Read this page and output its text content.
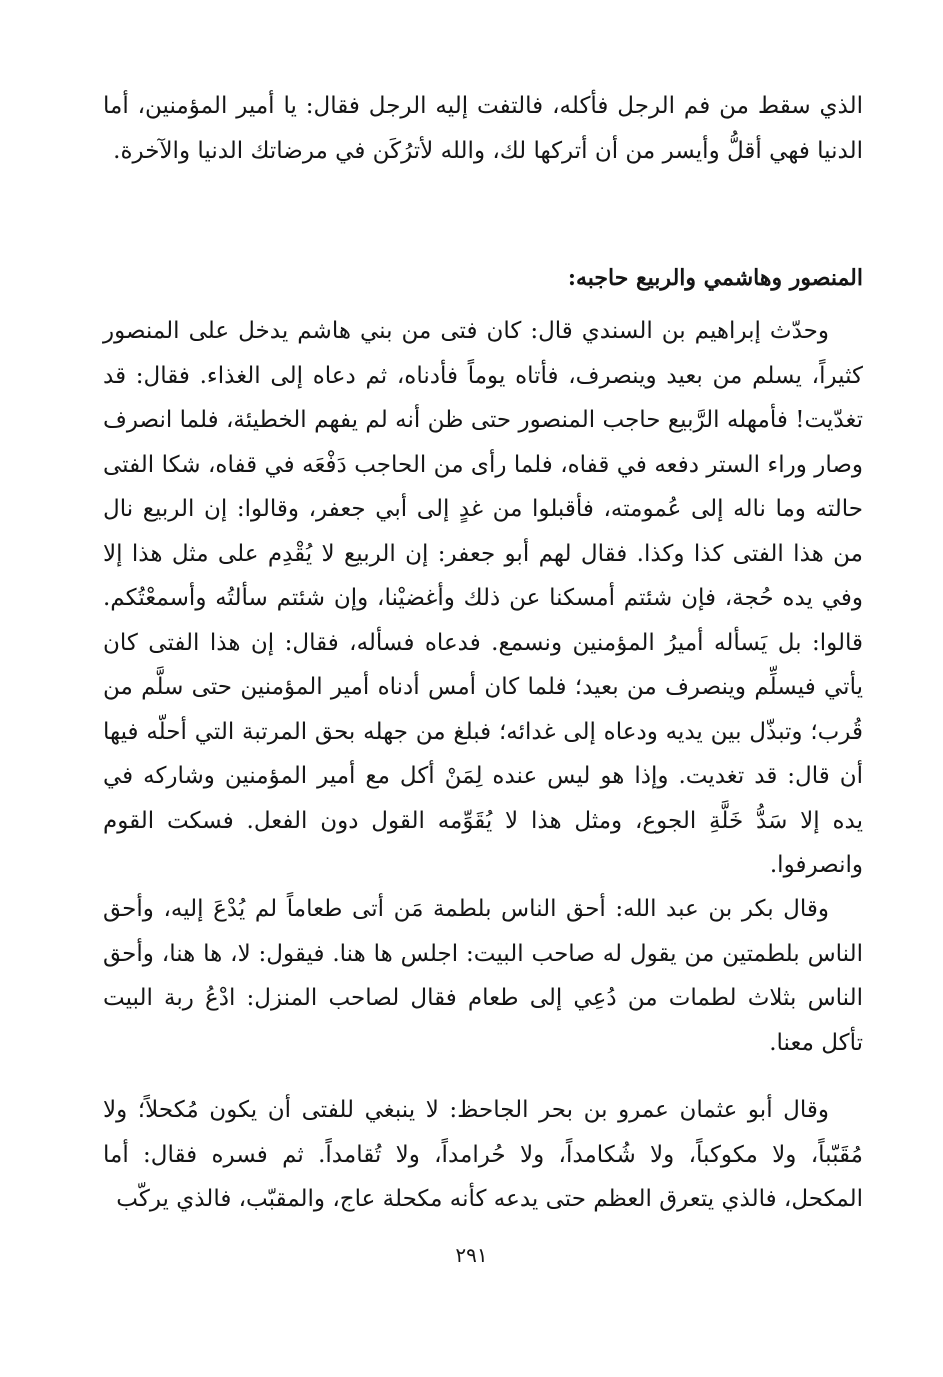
الذي سقط من فم الرجل فأكله، فالتفت إليه الرجل فقال: يا أمير المؤمنين، أما الدنيا فهي أقلُّ وأيسر من أن أتركها لك، والله لأترُكَن في مرضاتك الدنيا والآخرة.

المنصور وهاشمي والربيع حاجبه:

وحدّث إبراهيم بن السندي قال: كان فتى من بني هاشم يدخل على المنصور كثيراً، يسلم من بعيد وينصرف، فأتاه يوماً فأدناه، ثم دعاه إلى الغذاء. فقال: قد تغدّيت! فأمهله الرَّبيع حاجب المنصور حتى ظن أنه لم يفهم الخطيئة، فلما انصرف وصار وراء الستر دفعه في قفاه، فلما رأى من الحاجب دَفْعَه في قفاه، شكا الفتى حالته وما ناله إلى عُمومته، فأقبلوا من غدٍ إلى أبي جعفر، وقالوا: إن الربيع نال من هذا الفتى كذا وكذا. فقال لهم أبو جعفر: إن الربيع لا يُقْدِم على مثل هذا إلا وفي يده حُجة، فإن شئتم أمسكنا عن ذلك وأغضيْنا، وإن شئتم سألتُه وأسمعْتُكم. قالوا: بل يَسأله أميرُ المؤمنين ونسمع. فدعاه فسأله، فقال: إن هذا الفتى كان يأتي فيسلِّم وينصرف من بعيد؛ فلما كان أمس أدناه أمير المؤمنين حتى سلَّم من قُرب؛ وتبذّل بين يديه ودعاه إلى غدائه؛ فبلغ من جهله بحق المرتبة التي أحلّه فيها أن قال: قد تغديت. وإذا هو ليس عنده لِمَنْ أكل مع أمير المؤمنين وشاركه في يده إلا سَدُّ خَلَّةِ الجوع، ومثل هذا لا يُقَوِّمه القول دون الفعل. فسكت القوم وانصرفوا.

وقال بكر بن عبد الله: أحق الناس بلطمة مَن أتى طعاماً لم يُدْعَ إليه، وأحق الناس بلطمتين من يقول له صاحب البيت: اجلس ها هنا. فيقول: لا، ها هنا، وأحق الناس بثلاث لطمات من دُعِي إلى طعام فقال لصاحب المنزل: ادْعُ ربة البيت تأكل معنا.

وقال أبو عثمان عمرو بن بحر الجاحظ: لا ينبغي للفتى أن يكون مُكحلاً؛ ولا مُقَبّباً، ولا مكوكباً، ولا شُكامداً، ولا حُرامداً، ولا تُقامداً. ثم فسره فقال: أما المكحل، فالذي يتعرق العظم حتى يدعه كأنه مكحلة عاج، والمقبّب، فالذي يركّب

٢٩١
